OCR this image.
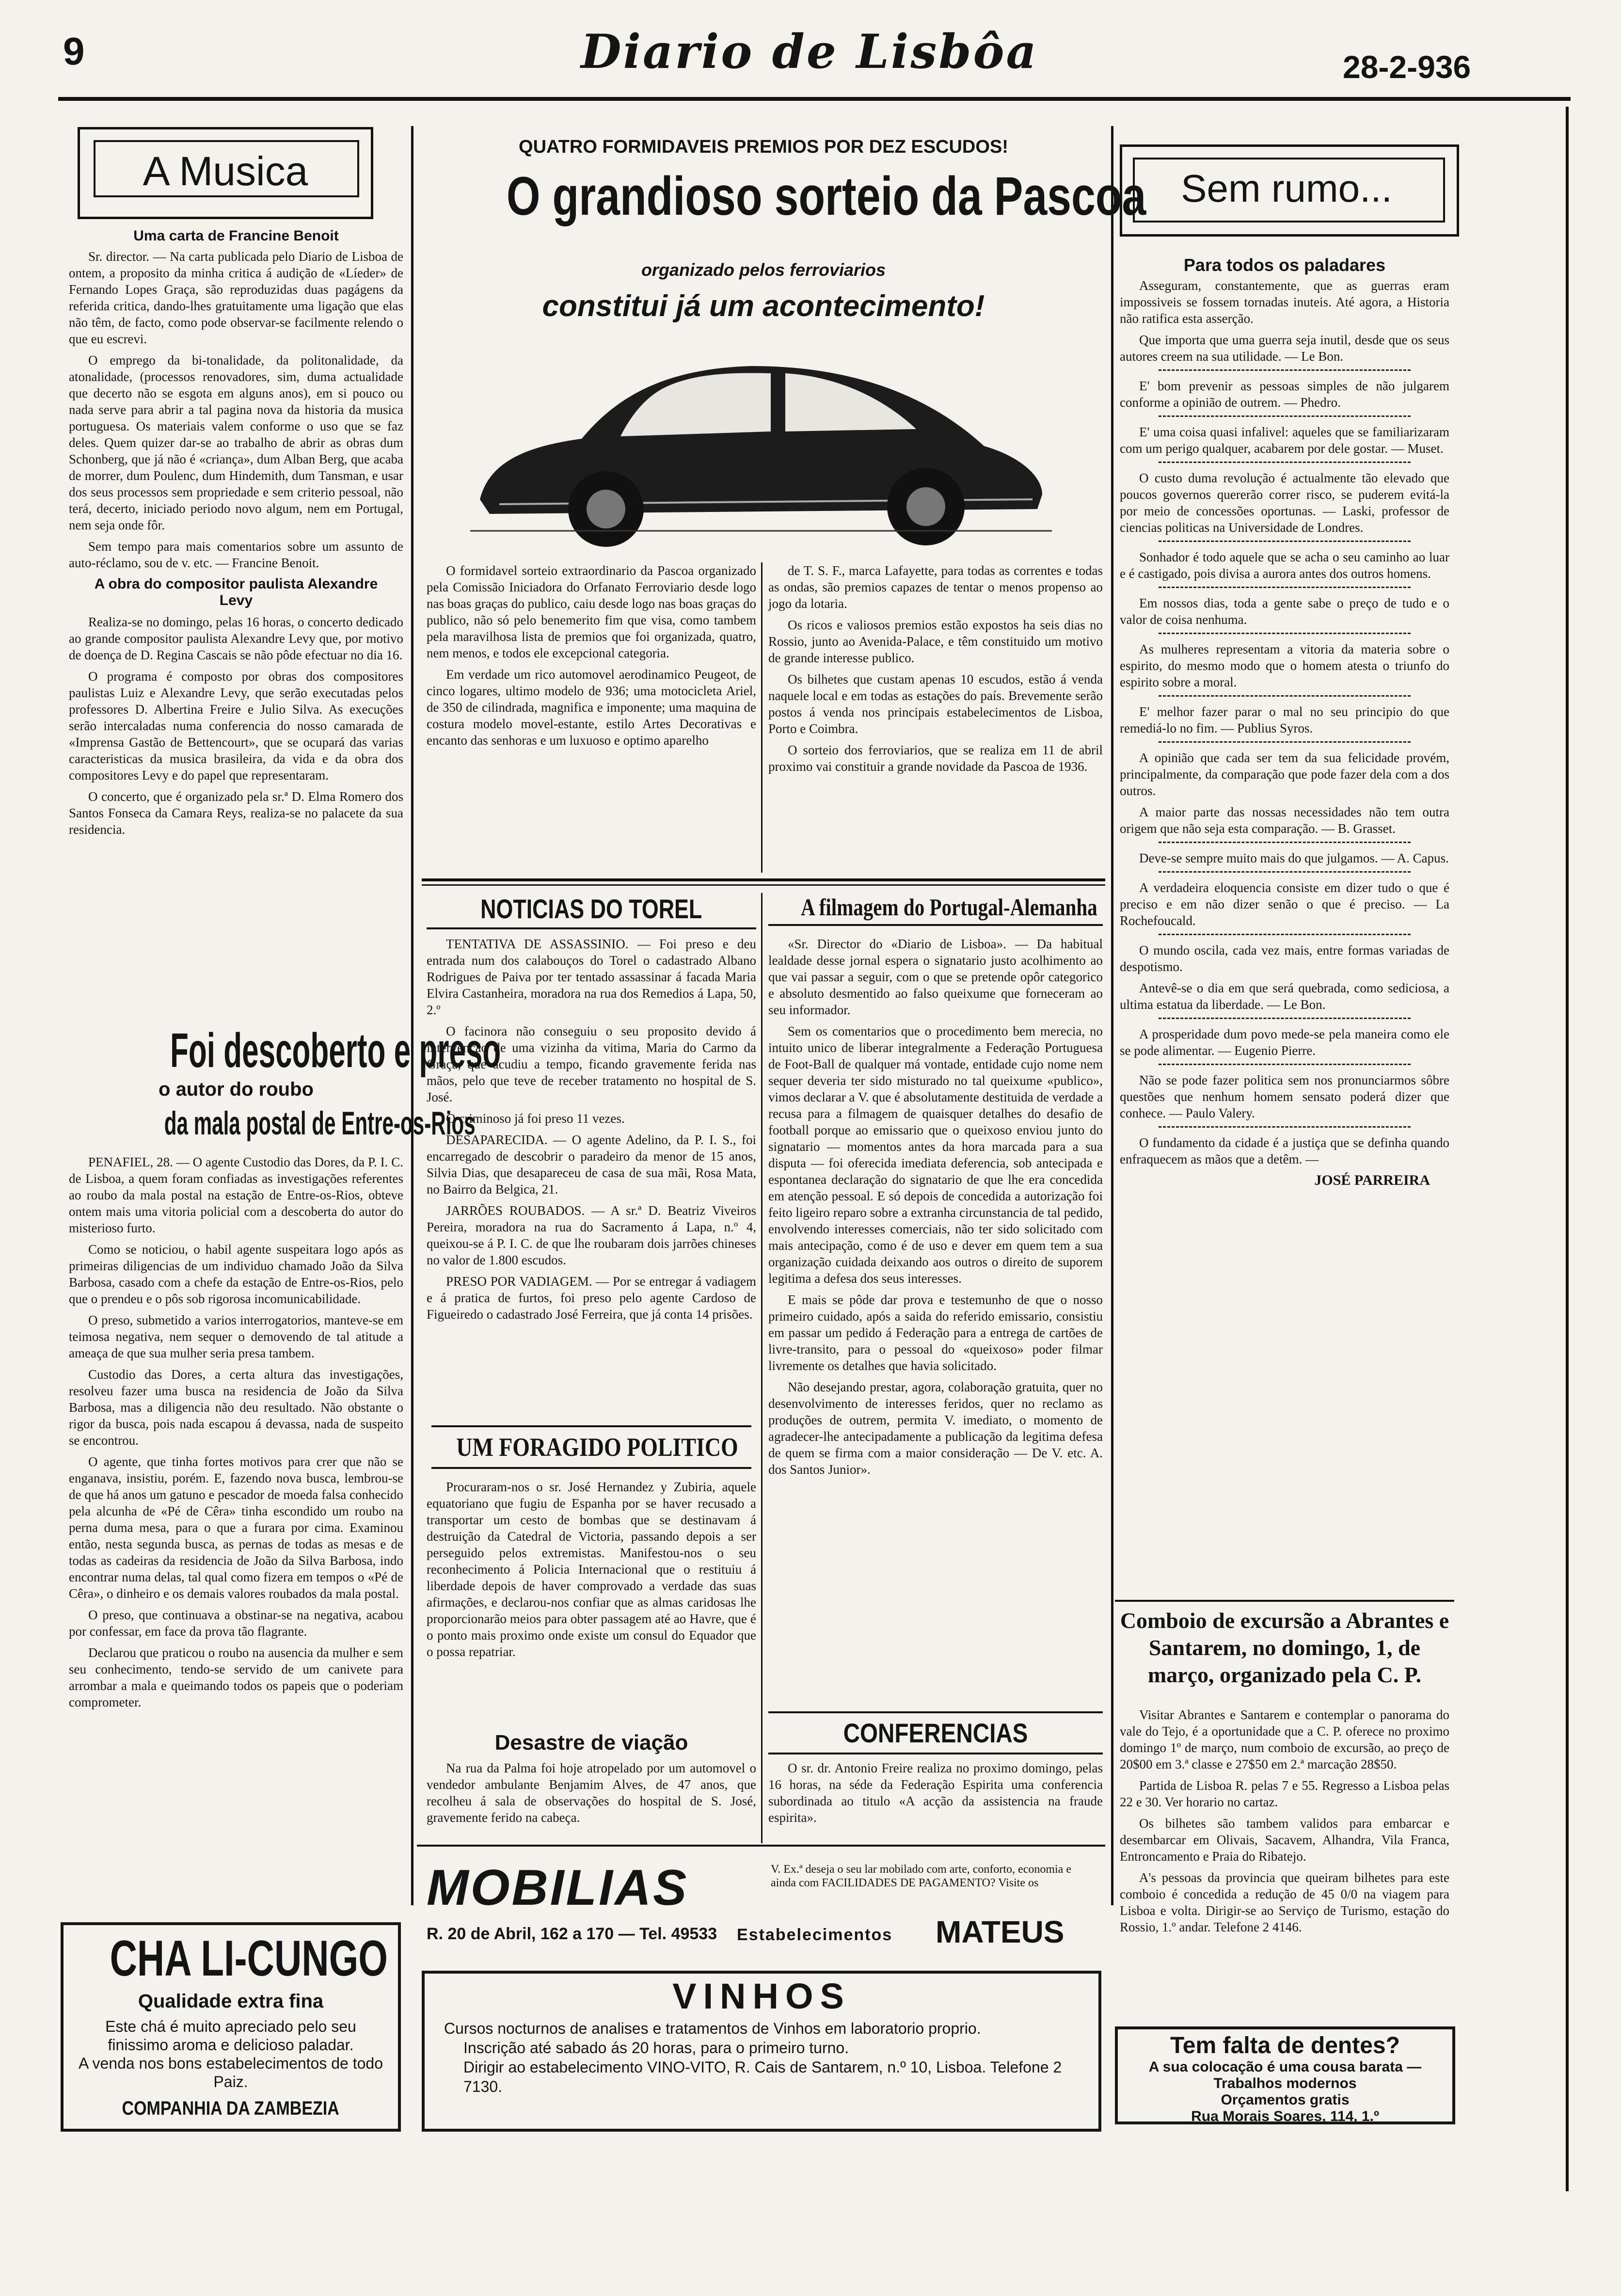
9	Diario de Lisbôa	28-2-936
A Musica
Uma carta de Francine Benoit

Sr. director. — Na carta publicada pelo Diario de Lisboa de ontem, a proposito da minha critica á audição de «Líeder» de Fernando Lopes Graça, são reproduzidas duas pagágens da referida critica, dando-lhes gratuitamente uma ligação que elas não têm, de facto, como pode observar-se facilmente relendo o que eu escrevi.

O emprego da bi-tonalidade, da politonalidade, da atonalidade, (processos renovadores, sim, duma actualidade que decerto não se esgota em alguns anos), em si pouco ou nada serve para abrir a tal pagina nova da historia da musica portuguesa. Os materiais valem conforme o uso que se faz deles. Quem quizer dar-se ao trabalho de abrir as obras dum Schonberg, que já não é «criança», dum Alban Berg, que acaba de morrer, dum Poulenc, dum Hindemith, dum Tansman, e usar dos seus processos sem propriedade e sem criterio pessoal, não terá, decerto, iniciado periodo novo algum, nem em Portugal, nem seja onde fôr.

Sem tempo para mais comentarios sobre um assunto de auto-réclamo, sou de v. etc. — Francine Benoit.

A obra do compositor paulista Alexandre Levy

Realiza-se no domingo, pelas 16 horas, o concerto dedicado ao grande compositor paulista Alexandre Levy que, por motivo de doença de D. Regina Cascais se não pôde efectuar no dia 16.

O programa é composto por obras dos compositores paulistas Luiz e Alexandre Levy, que serão executadas pelos professores D. Albertina Freire e Julio Silva. As execuções serão intercaladas numa conferencia do nosso camarada de «Imprensa Gastão de Bettencourt», que se ocupará das varias caracteristicas da musica brasileira, da vida e da obra dos compositores Levy e do papel que representaram.

O concerto, que é organizado pela sr.ª D. Elma Romero dos Santos Fonseca da Camara Reys, realiza-se no palacete da sua residencia.

Foi descoberto e preso
o autor do roubo
da mala postal de Entre-os-Rios

PENAFIEL, 28. — O agente Custodio das Dores, da P. I. C. de Lisboa, a quem foram confiadas as investigações referentes ao roubo da mala postal na estação de Entre-os-Rios, obteve ontem mais uma vitoria policial com a descoberta do autor do misterioso furto.

Como se noticiou, o habil agente suspeitara logo após as primeiras diligencias de um individuo chamado João da Silva Barbosa, casado com a chefe da estação de Entre-os-Rios, pelo que o prendeu e o pôs sob rigorosa incomunicabilidade.

O preso, submetido a varios interrogatorios, manteve-se em teimosa negativa, nem sequer o demovendo de tal atitude a ameaça de que sua mulher seria presa tambem.

Custodio das Dores, a certa altura das investigações, resolveu fazer uma busca na residencia de João da Silva Barbosa, mas a diligencia não deu resultado. Não obstante o rigor da busca, pois nada escapou á devassa, nada de suspeito se encontrou.

O agente, que tinha fortes motivos para crer que não se enganava, insistiu, porém. E, fazendo nova busca, lembrou-se de que há anos um gatuno e pescador de moeda falsa conhecido pela alcunha de «Pé de Cêra» tinha escondido um roubo na perna duma mesa, para o que a furara por cima. Examinou então, nesta segunda busca, as pernas de todas as mesas e de todas as cadeiras da residencia de João da Silva Barbosa, indo encontrar numa delas, tal qual como fizera em tempos o «Pé de Cêra», o dinheiro e os demais valores roubados da mala postal.

O preso, que continuava a obstinar-se na negativa, acabou por confessar, em face da prova tão flagrante.

Declarou que praticou o roubo na ausencia da mulher e sem seu conhecimento, tendo-se servido de um canivete para arrombar a mala e queimando todos os papeis que o poderiam comprometer.

CHA LI-CUNGO
Qualidade extra fina
Este chá é muito apreciado pelo seu finissimo aroma e delicioso paladar.
A venda nos bons estabelecimentos de todo Paiz.
COMPANHIA DA ZAMBEZIA
QUATRO FORMIDAVEIS PREMIOS POR DEZ ESCUDOS!
O grandioso sorteio da Pascoa
organizado pelos ferroviarios
constitui já um acontecimento!

O formidavel sorteio extraordinario da Pascoa organizado pela Comissão Iniciadora do Orfanato Ferroviario desde logo nas boas graças do publico, caiu desde logo nas boas graças do publico, não só pelo benemerito fim que visa, como tambem pela maravilhosa lista de premios que foi organizada, quatro, nem menos, e todos ele excepcional categoria.

Em verdade um rico automovel aerodinamico Peugeot, de cinco logares, ultimo modelo de 936; uma motocicleta Ariel, de 350 de cilindrada, magnifica e imponente; uma maquina de costura modelo movel-estante, estilo Artes Decorativas e encanto das senhoras e um luxuoso e optimo aparelho

de T. S. F., marca Lafayette, para todas as correntes e todas as ondas, são premios capazes de tentar o menos propenso ao jogo da lotaria.

Os ricos e valiosos premios estão expostos ha seis dias no Rossio, junto ao Avenida-Palace, e têm constituido um motivo de grande interesse publico.

Os bilhetes que custam apenas 10 escudos, estão á venda naquele local e em todas as estações do país. Brevemente serão postos á venda nos principais estabelecimentos de Lisboa, Porto e Coimbra.

O sorteio dos ferroviarios, que se realiza em 11 de abril proximo vai constituir a grande novidade da Pascoa de 1936.

NOTICIAS DO TOREL

TENTATIVA DE ASSASSINIO. — Foi preso e deu entrada num dos calabouços do Torel o cadastrado Albano Rodrigues de Paiva por ter tentado assassinar á facada Maria Elvira Castanheira, moradora na rua dos Remedios á Lapa, 50, 2.º

O facinora não conseguiu o seu proposito devido á intervenção de uma vizinha da vitima, Maria do Carmo da Graça, que acudiu a tempo, ficando gravemente ferida nas mãos, pelo que teve de receber tratamento no hospital de S. José.

O criminoso já foi preso 11 vezes.

DESAPARECIDA. — O agente Adelino, da P. I. S., foi encarregado de descobrir o paradeiro da menor de 15 anos, Silvia Dias, que desapareceu de casa de sua mãi, Rosa Mata, no Bairro da Belgica, 21.

JARRÕES ROUBADOS. — A sr.ª D. Beatriz Viveiros Pereira, moradora na rua do Sacramento á Lapa, n.º 4, queixou-se á P. I. C. de que lhe roubaram dois jarrões chineses no valor de 1.800 escudos.

PRESO POR VADIAGEM. — Por se entregar á vadiagem e á pratica de furtos, foi preso pelo agente Cardoso de Figueiredo o cadastrado José Ferreira, que já conta 14 prisões.

UM FORAGIDO POLITICO

Procuraram-nos o sr. José Hernandez y Zubiria, aquele equatoriano que fugiu de Espanha por se haver recusado a transportar um cesto de bombas que se destinavam á destruição da Catedral de Victoria, passando depois a ser perseguido pelos extremistas. Manifestou-nos o seu reconhecimento á Policia Internacional que o restituiu á liberdade depois de haver comprovado a verdade das suas afirmações, e declarou-nos confiar que as almas caridosas lhe proporcionarão meios para obter passagem até ao Havre, que é o ponto mais proximo onde existe um consul do Equador que o possa repatriar.

Desastre de viação

Na rua da Palma foi hoje atropelado por um automovel o vendedor ambulante Benjamim Alves, de 47 anos, que recolheu á sala de observações do hospital de S. José, gravemente ferido na cabeça.

A filmagem do Portugal-Alemanha

«Sr. Director do «Diario de Lisboa». — Da habitual lealdade desse jornal espera o signatario justo acolhimento ao que vai passar a seguir, com o que se pretende opôr categorico e absoluto desmentido ao falso queixume que forneceram ao seu informador.

Sem os comentarios que o procedimento bem merecia, no intuito unico de liberar integralmente a Federação Portuguesa de Foot-Ball de qualquer má vontade, entidade cujo nome nem sequer deveria ter sido misturado no tal queixume «publico», vimos declarar a V. que é absolutamente destituida de verdade a recusa para a filmagem de quaisquer detalhes do desafio de football porque ao emissario que o queixoso enviou junto do signatario — momentos antes da hora marcada para a sua disputa — foi oferecida imediata deferencia, sob antecipada e espontanea declaração do signatario de que lhe era concedida em atenção pessoal. E só depois de concedida a autorização foi feito ligeiro reparo sobre a extranha circunstancia de tal pedido, envolvendo interesses comerciais, não ter sido solicitado com mais antecipação, como é de uso e dever em quem tem a sua organização cuidada deixando aos outros o direito de suporem legitima a defesa dos seus interesses.

E mais se pôde dar prova e testemunho de que o nosso primeiro cuidado, após a saida do referido emissario, consistiu em passar um pedido á Federação para a entrega de cartões de livre-transito, para o pessoal do «queixoso» poder filmar livremente os detalhes que havia solicitado.

Não desejando prestar, agora, colaboração gratuita, quer no desenvolvimento de interesses feridos, quer no reclamo as produções de outrem, permita V. imediato, o momento de agradecer-lhe antecipadamente a publicação da legitima defesa de quem se firma com a maior consideração — De V. etc. A. dos Santos Junior».

CONFERENCIAS

O sr. dr. Antonio Freire realiza no proximo domingo, pelas 16 horas, na séde da Federação Espirita uma conferencia subordinada ao titulo «A acção da assistencia na fraude espirita».

MOBILIAS	V. Ex.ª deseja o seu lar mobilado com arte, conforto, economia e ainda com FACILIDADES DE PAGAMENTO? Visite os
R. 20 de Abril, 162 a 170 — Tel. 49533 Estabelecimentos MATEUS
VINHOS
Cursos nocturnos de analises e tratamentos de Vinhos em laboratorio proprio.
Inscrição até sabado ás 20 horas, para o primeiro turno.
Dirigir ao estabelecimento VINO-VITO, R. Cais de Santarem, n.º 10, Lisboa. Telefone 2 7130.
Sem rumo...
Para todos os paladares

Asseguram, constantemente, que as guerras eram impossiveis se fossem tornadas inuteis. Até agora, a Historia não ratifica esta asserção.

Que importa que uma guerra seja inutil, desde que os seus autores creem na sua utilidade. — Le Bon.

E' bom prevenir as pessoas simples de não julgarem conforme a opinião de outrem. — Phedro.

E' uma coisa quasi infalivel: aqueles que se familiarizaram com um perigo qualquer, acabarem por dele gostar. — Muset.

O custo duma revolução é actualmente tão elevado que poucos governos quererão correr risco, se puderem evitá-la por meio de concessões oportunas. — Laski, professor de ciencias politicas na Universidade de Londres.

Sonhador é todo aquele que se acha o seu caminho ao luar e é castigado, pois divisa a aurora antes dos outros homens.

Em nossos dias, toda a gente sabe o preço de tudo e o valor de coisa nenhuma.

As mulheres representam a vitoria da materia sobre o espirito, do mesmo modo que o homem atesta o triunfo do espirito sobre a moral.

E' melhor fazer parar o mal no seu principio do que remediá-lo no fim. — Publius Syros.

A opinião que cada ser tem da sua felicidade provém, principalmente, da comparação que pode fazer dela com a dos outros.

A maior parte das nossas necessidades não tem outra origem que não seja esta comparação. — B. Grasset.

Deve-se sempre muito mais do que julgamos. — A. Capus.

A verdadeira eloquencia consiste em dizer tudo o que é preciso e em não dizer senão o que é preciso. — La Rochefoucald.

O mundo oscila, cada vez mais, entre formas variadas de despotismo.

Antevê-se o dia em que será quebrada, como sediciosa, a ultima estatua da liberdade. — Le Bon.

A prosperidade dum povo mede-se pela maneira como ele se pode alimentar. — Eugenio Pierre.

Não se pode fazer politica sem nos pronunciarmos sôbre questões que nenhum homem sensato poderá dizer que conhece. — Paulo Valery.

O fundamento da cidade é a justiça que se definha quando enfraquecem as mãos que a detêm. —

JOSÉ PARREIRA
Comboio de excursão a Abrantes e Santarem, no domingo, 1, de março, organizado pela C. P.

Visitar Abrantes e Santarem e contemplar o panorama do vale do Tejo, é a oportunidade que a C. P. oferece no proximo domingo 1º de março, num comboio de excursão, ao preço de 20$00 em 3.ª classe e 27$50 em 2.ª marcação 28$50.

Partida de Lisboa R. pelas 7 e 55. Regresso a Lisboa pelas 22 e 30. Ver horario no cartaz.

Os bilhetes são tambem validos para embarcar e desembarcar em Olivais, Sacavem, Alhandra, Vila Franca, Entroncamento e Praia do Ribatejo.

A's pessoas da provincia que queiram bilhetes para este comboio é concedida a redução de 45 0/0 na viagem para Lisboa e volta. Dirigir-se ao Serviço de Turismo, estação do Rossio, 1.º andar. Telefone 2 4146.

Tem falta de dentes?
A sua colocação é uma cousa barata — Trabalhos modernos
Orçamentos gratis
Rua Morais Soares, 114, 1.º
